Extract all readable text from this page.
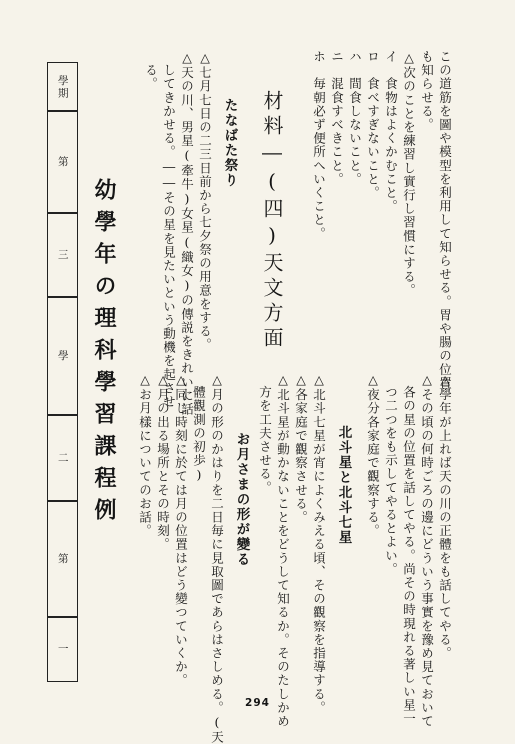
學期
第
三
學
二
第
一
幼學年の理科學習課程例	この道筋を圖や模型を利用して知らせる。胃や腸の位置
も知らせる。
△次のことを練習し實行し習慣にする。
イ　食物はよくかむこと。
ロ　食べすぎないこと。
ハ　間食しないこと。
ニ　混食すべきこと。
ホ　毎朝必ず便所へいくこと。
材料―(四)天文方面
たなばた祭り
△七月七日の二三日前から七夕祭の用意をする。
△天の川、男星(牽牛)女星(織女)の傳説をきれいに話
　してきかせる。――その星を見たいという動機を起させ
　る。
△學年が上れば天の川の正體をも話してやる。
△その頃の何時ごろの邊にどういう事實を豫め見ておいて
　各の星の位置を話してやる。尚その時現れる著しい星一
　つ二つをも示してやるとよい。
△夜分各家庭で觀察する。
北斗星と北斗七星
△北斗七星が宵によくみえる頃、その觀察を指導する。
△各家庭で觀察させる。
△北斗星が動かないことをどうして知るか。そのたしかめ
　方を工夫させる。
お月さまの形が變る
△月の形のかはりを二日毎に見取圖であらはさしめる。(天
　體觀測の初歩)
△同じ時刻に於ては月の位置はどう變つていくか。
△月の出る場所とその時刻。
△お月樣についてのお話。
294
